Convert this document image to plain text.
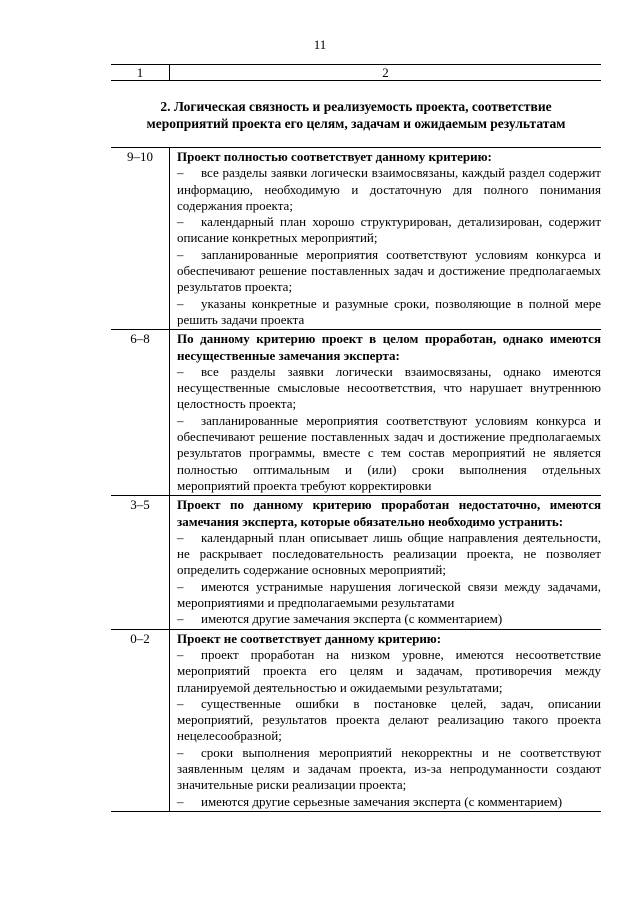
11
1	2
2. Логическая связность и реализуемость проекта, соответствие мероприятий проекта его целям, задачам и ожидаемым результатам
9–10	Проект полностью соответствует данному критерию:
– все разделы заявки логически взаимосвязаны, каждый раздел содержит информацию, необходимую и достаточную для полного понимания содержания проекта;
– календарный план хорошо структурирован, детализирован, содержит описание конкретных мероприятий;
– запланированные мероприятия соответствуют условиям конкурса и обеспечивают решение поставленных задач и достижение предполагаемых результатов проекта;
– указаны конкретные и разумные сроки, позволяющие в полной мере решить задачи проекта

6–8	По данному критерию проект в целом проработан, однако имеются несущественные замечания эксперта:
– все разделы заявки логически взаимосвязаны, однако имеются несущественные смысловые несоответствия, что нарушает внутреннюю целостность проекта;
– запланированные мероприятия соответствуют условиям конкурса и обеспечивают решение поставленных задач и достижение предполагаемых результатов программы, вместе с тем состав мероприятий не является полностью оптимальным и (или) сроки выполнения отдельных мероприятий проекта требуют корректировки

3–5	Проект по данному критерию проработан недостаточно, имеются замечания эксперта, которые обязательно необходимо устранить:
– календарный план описывает лишь общие направления деятельности, не раскрывает последовательность реализации проекта, не позволяет определить содержание основных мероприятий;
– имеются устранимые нарушения логической связи между задачами, мероприятиями и предполагаемыми результатами
– имеются другие замечания эксперта (с комментарием)

0–2	Проект не соответствует данному критерию:
– проект проработан на низком уровне, имеются несоответствие мероприятий проекта его целям и задачам, противоречия между планируемой деятельностью и ожидаемыми результатами;
– существенные ошибки в постановке целей, задач, описании мероприятий, результатов проекта делают реализацию такого проекта нецелесообразной;
– сроки выполнения мероприятий некорректны и не соответствуют заявленным целям и задачам проекта, из-за непродуманности создают значительные риски реализации проекта;
– имеются другие серьезные замечания эксперта (с комментарием)
